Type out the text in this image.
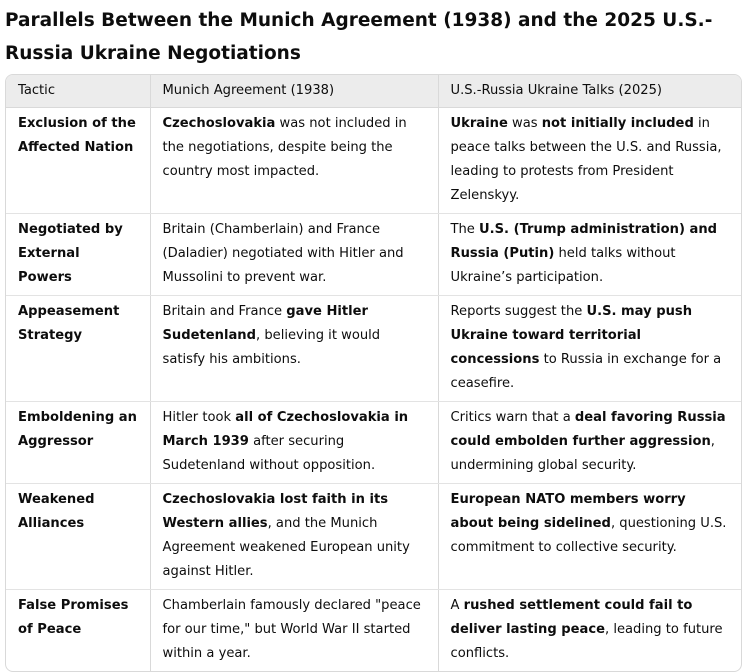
Parallels Between the Munich Agreement (1938) and the 2025 U.S.-Russia Ukraine Negotiations
Tactic	Munich Agreement (1938)	U.S.-Russia Ukraine Talks (2025)
Exclusion of the Affected Nation	Czechoslovakia was not included in the negotiations, despite being the country most impacted.	Ukraine was not initially included in peace talks between the U.S. and Russia, leading to protests from President Zelenskyy.
Negotiated by External Powers	Britain (Chamberlain) and France (Daladier) negotiated with Hitler and Mussolini to prevent war.	The U.S. (Trump administration) and Russia (Putin) held talks without Ukraine’s participation.
Appeasement Strategy	Britain and France gave Hitler Sudetenland, believing it would satisfy his ambitions.	Reports suggest the U.S. may push Ukraine toward territorial concessions to Russia in exchange for a ceasefire.
Emboldening an Aggressor	Hitler took all of Czechoslovakia in March 1939 after securing Sudetenland without opposition.	Critics warn that a deal favoring Russia could embolden further aggression, undermining global security.
Weakened Alliances	Czechoslovakia lost faith in its Western allies, and the Munich Agreement weakened European unity against Hitler.	European NATO members worry about being sidelined, questioning U.S. commitment to collective security.
False Promises of Peace	Chamberlain famously declared "peace for our time," but World War II started within a year.	A rushed settlement could fail to deliver lasting peace, leading to future conflicts.
